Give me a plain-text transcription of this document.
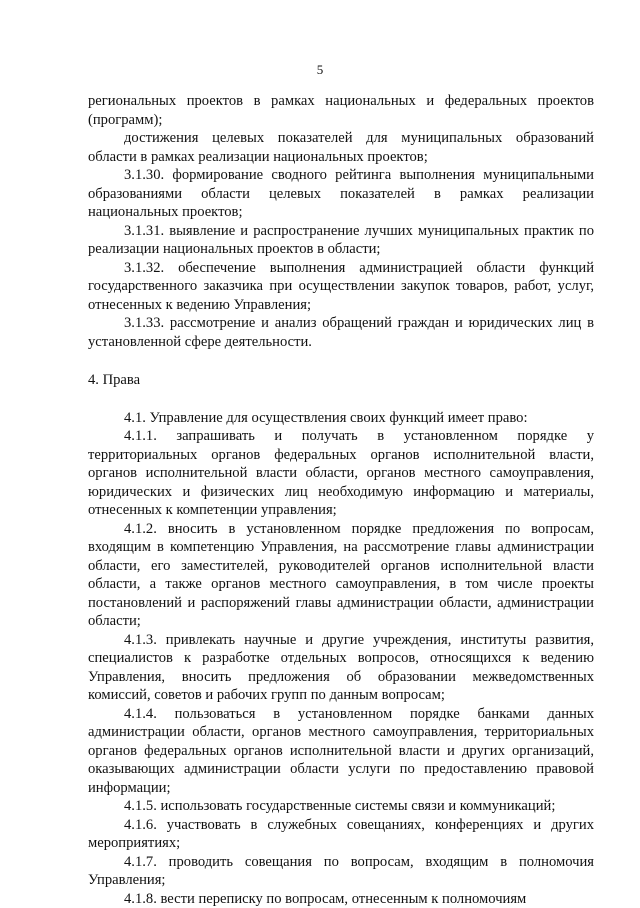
5

региональных проектов в рамках национальных и федеральных проектов (программ);

достижения целевых показателей для муниципальных образований области в рамках реализации национальных проектов;

3.1.30. формирование сводного рейтинга выполнения муниципальными образованиями области целевых показателей в рамках реализации национальных проектов;

3.1.31. выявление и распространение лучших муниципальных практик по реализации национальных проектов в области;

3.1.32. обеспечение выполнения администрацией области функций государственного заказчика при осуществлении закупок товаров, работ, услуг, отнесенных к ведению Управления;

3.1.33. рассмотрение и анализ обращений граждан и юридических лиц в установленной сфере деятельности.

4. Права

4.1. Управление для осуществления своих функций имеет право:

4.1.1. запрашивать и получать в установленном порядке у территориальных органов федеральных органов исполнительной власти, органов исполнительной власти области, органов местного самоуправления, юридических и физических лиц необходимую информацию и материалы, отнесенных к компетенции управления;

4.1.2. вносить в установленном порядке предложения по вопросам, входящим в компетенцию Управления, на рассмотрение главы администрации области, его заместителей, руководителей органов исполнительной власти области, а также органов местного самоуправления, в том числе проекты постановлений и распоряжений главы администрации области, администрации области;

4.1.3. привлекать научные и другие учреждения, институты развития, специалистов к разработке отдельных вопросов, относящихся к ведению Управления, вносить предложения об образовании межведомственных комиссий, советов и рабочих групп по данным вопросам;

4.1.4. пользоваться в установленном порядке банками данных администрации области, органов местного самоуправления, территориальных органов федеральных органов исполнительной власти и других организаций, оказывающих администрации области услуги по предоставлению правовой информации;

4.1.5. использовать государственные системы связи и коммуникаций;

4.1.6. участвовать в служебных совещаниях, конференциях и других мероприятиях;

4.1.7. проводить совещания по вопросам, входящим в полномочия Управления;

4.1.8. вести переписку по вопросам, отнесенным к полномочиям
